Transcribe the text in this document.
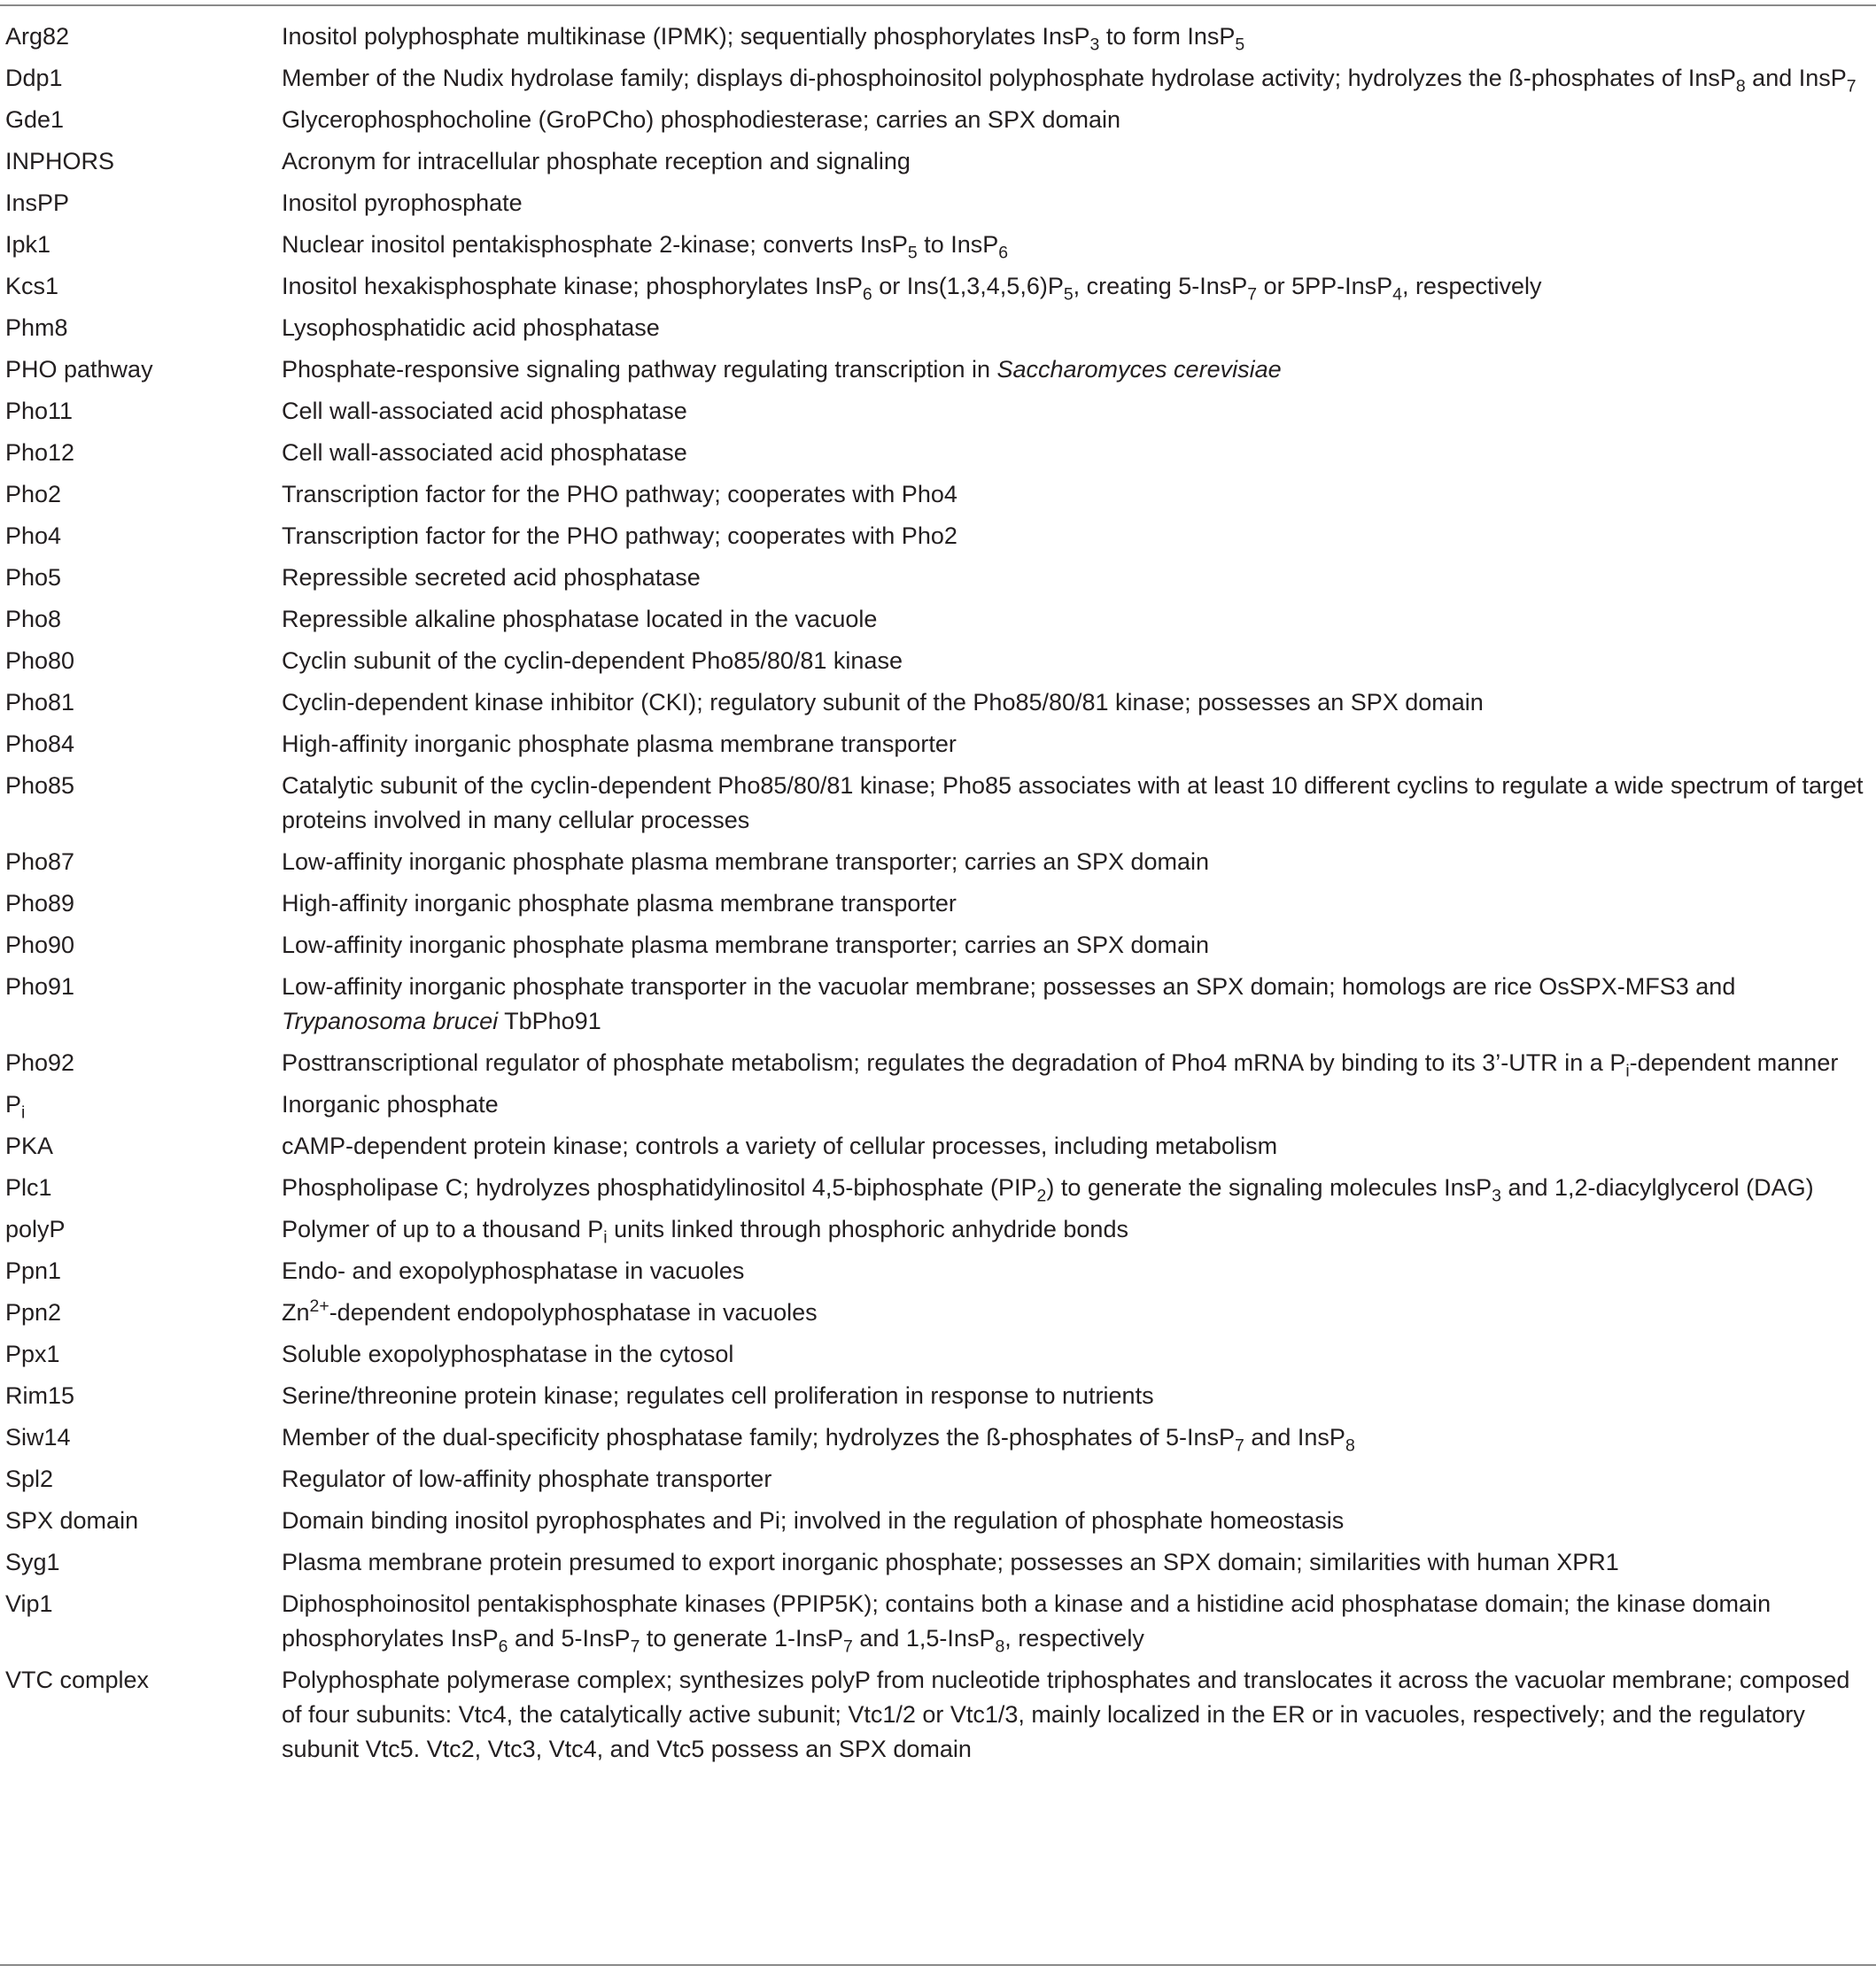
Arg82	Inositol polyphosphate multikinase (IPMK); sequentially phosphorylates InsP$_3$ to form InsP$_5$
Ddp1	Member of the Nudix hydrolase family; displays di-phosphoinositol polyphosphate hydrolase activity; hydrolyzes the ß-phosphates of InsP$_8$ and InsP$_7$
Gde1	Glycerophosphocholine (GroPCho) phosphodiesterase; carries an SPX domain
INPHORS	Acronym for intracellular phosphate reception and signaling
InsPP	Inositol pyrophosphate
Ipk1	Nuclear inositol pentakisphosphate 2-kinase; converts InsP$_5$ to InsP$_6$
Kcs1	Inositol hexakisphosphate kinase; phosphorylates InsP$_6$ or $Ins(1,3,4,5,6)P_5$, creating 5-InsP$_7$ or 5PP-InsP$_4$, respectively
Phm8	Lysophosphatidic acid phosphatase
PHO pathway	Phosphate-responsive signaling pathway regulating transcription in Saccharomyces cerevisiae
Pho11	Cell wall-associated acid phosphatase
Pho12	Cell wall-associated acid phosphatase
Pho2	Transcription factor for the PHO pathway; cooperates with Pho4
Pho4	Transcription factor for the PHO pathway; cooperates with Pho2
Pho5	Repressible secreted acid phosphatase
Pho8	Repressible alkaline phosphatase located in the vacuole
Pho80	Cyclin subunit of the cyclin-dependent Pho85/80/81 kinase
Pho81	Cyclin-dependent kinase inhibitor (CKI); regulatory subunit of the Pho85/80/81 kinase; possesses an SPX domain
Pho84	High-affinity inorganic phosphate plasma membrane transporter
Pho85	Catalytic subunit of the cyclin-dependent Pho85/80/81 kinase; Pho85 associates with at least 10 different cyclins to regulate a wide spectrum of target proteins involved in many cellular processes
Pho87	Low-affinity inorganic phosphate plasma membrane transporter; carries an SPX domain
Pho89	High-affinity inorganic phosphate plasma membrane transporter
Pho90	Low-affinity inorganic phosphate plasma membrane transporter; carries an SPX domain
Pho91	Low-affinity inorganic phosphate transporter in the vacuolar membrane; possesses an SPX domain; homologs are rice OsSPX-MFS3 and Trypanosoma brucei TbPho91
Pho92	Posttranscriptional regulator of phosphate metabolism; regulates the degradation of Pho4 mRNA by binding to its 3’-UTR in a $P_i$-dependent manner
$P_i$	Inorganic phosphate
PKA	cAMP-dependent protein kinase; controls a variety of cellular processes, including metabolism
Plc1	Phospholipase C; hydrolyzes phosphatidylinositol 4,5-biphosphate $(PIP_2)$ to generate the signaling molecules InsP$_3$ and 1,2-diacylglycerol (DAG)
polyP	Polymer of up to a thousand $P_i$ units linked through phosphoric anhydride bonds
Ppn1	Endo- and exopolyphosphatase in vacuoles
Ppn2	$Zn^{2+}$-dependent endopolyphosphatase in vacuoles
Ppx1	Soluble exopolyphosphatase in the cytosol
Rim15	Serine/threonine protein kinase; regulates cell proliferation in response to nutrients
Siw14	Member of the dual-specificity phosphatase family; hydrolyzes the ß-phosphates of 5-InsP$_7$ and InsP$_8$
Spl2	Regulator of low-affinity phosphate transporter
SPX domain	Domain binding inositol pyrophosphates and Pi; involved in the regulation of phosphate homeostasis
Syg1	Plasma membrane protein presumed to export inorganic phosphate; possesses an SPX domain; similarities with human XPR1
Vip1	Diphosphoinositol pentakisphosphate kinases (PPIP5K); contains both a kinase and a histidine acid phosphatase domain; the kinase domain phosphorylates InsP$_6$ and 5-InsP$_7$ to generate 1-InsP$_7$ and 1,5-InsP$_8$, respectively
VTC complex	Polyphosphate polymerase complex; synthesizes polyP from nucleotide triphosphates and translocates it across the vacuolar membrane; composed of four subunits: Vtc4, the catalytically active subunit; Vtc1/2 or Vtc1/3, mainly localized in the ER or in vacuoles, respectively; and the regulatory subunit Vtc5. Vtc2, Vtc3, Vtc4, and Vtc5 possess an SPX domain
